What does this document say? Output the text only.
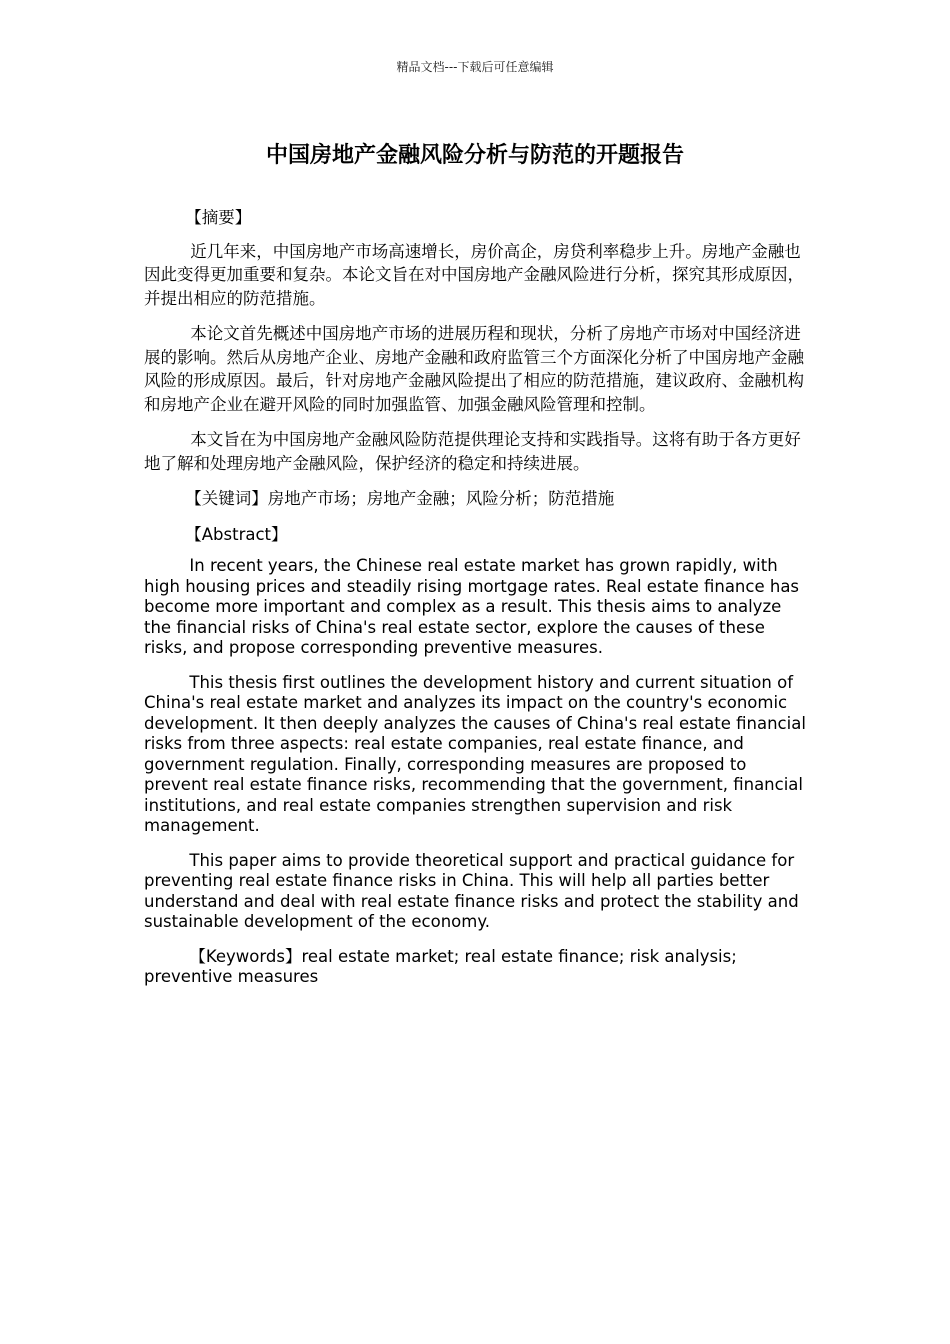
精品文档---下载后可任意编辑
中国房地产金融风险分析与防范的开题报告

【摘要】

近几年来，中国房地产市场高速增长，房价高企，房贷利率稳步上升。房地产金融也因此变得更加重要和复杂。本论文旨在对中国房地产金融风险进行分析，探究其形成原因，并提出相应的防范措施。

本论文首先概述中国房地产市场的进展历程和现状，分析了房地产市场对中国经济进展的影响。然后从房地产企业、房地产金融和政府监管三个方面深化分析了中国房地产金融风险的形成原因。最后，针对房地产金融风险提出了相应的防范措施，建议政府、金融机构和房地产企业在避开风险的同时加强监管、加强金融风险管理和控制。

本文旨在为中国房地产金融风险防范提供理论支持和实践指导。这将有助于各方更好地了解和处理房地产金融风险，保护经济的稳定和持续进展。

【关键词】房地产市场；房地产金融；风险分析；防范措施

【Abstract】

In recent years, the Chinese real estate market has grown rapidly, with high housing prices and steadily rising mortgage rates. Real estate finance has become more important and complex as a result. This thesis aims to analyze the financial risks of China's real estate sector, explore the causes of these risks, and propose corresponding preventive measures.

This thesis first outlines the development history and current situation of China's real estate market and analyzes its impact on the country's economic development. It then deeply analyzes the causes of China's real estate financial risks from three aspects: real estate companies, real estate finance, and government regulation. Finally, corresponding measures are proposed to prevent real estate finance risks, recommending that the government, financial institutions, and real estate companies strengthen supervision and risk management.

This paper aims to provide theoretical support and practical guidance for preventing real estate finance risks in China. This will help all parties better understand and deal with real estate finance risks and protect the stability and sustainable development of the economy.

【Keywords】real estate market; real estate finance; risk analysis; preventive measures
